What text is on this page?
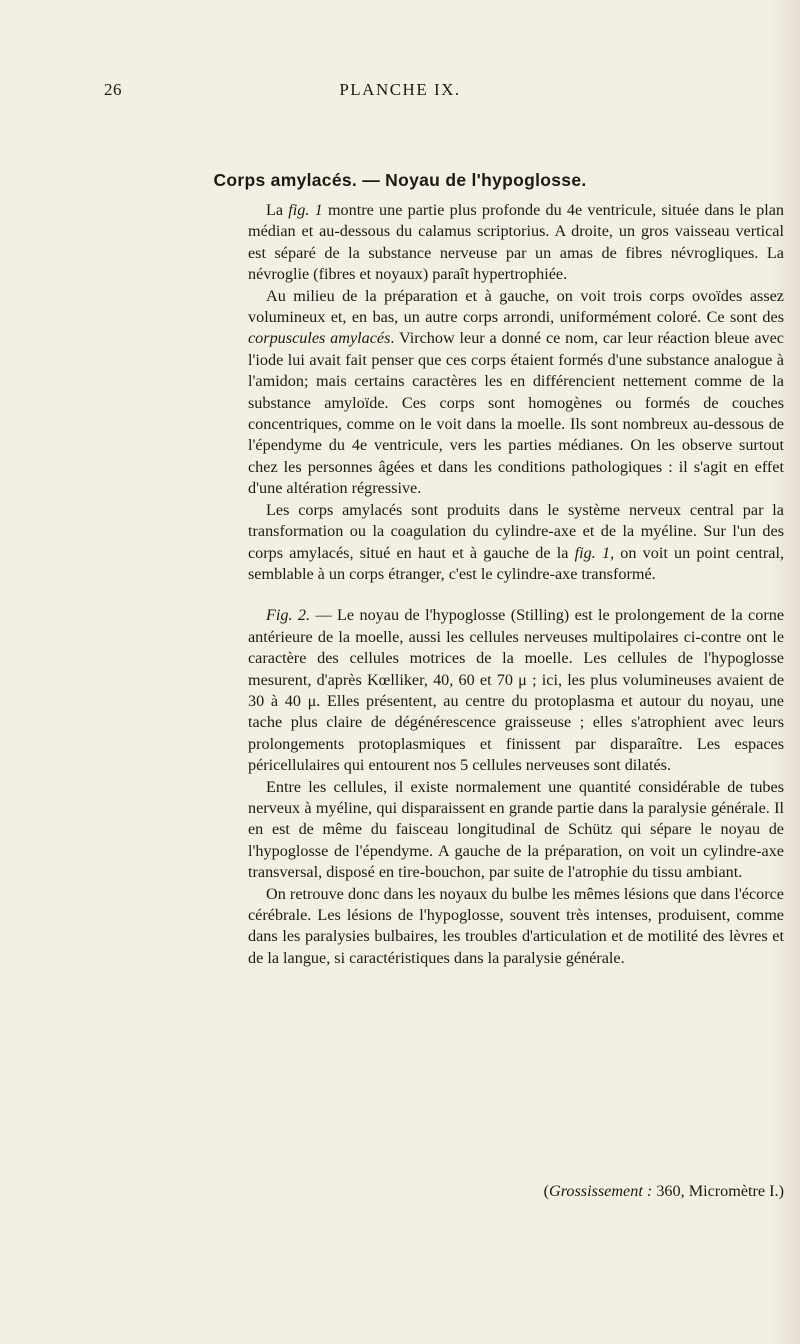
26	PLANCHE IX.
Corps amylacés. — Noyau de l'hypoglosse.

La fig. 1 montre une partie plus profonde du 4e ventricule, située dans le plan médian et au-dessous du calamus scriptorius. A droite, un gros vaisseau vertical est séparé de la substance nerveuse par un amas de fibres névrogliques. La névroglie (fibres et noyaux) paraît hypertrophiée.

Au milieu de la préparation et à gauche, on voit trois corps ovoïdes assez volumineux et, en bas, un autre corps arrondi, uniformément coloré. Ce sont des corpuscules amylacés. Virchow leur a donné ce nom, car leur réaction bleue avec l'iode lui avait fait penser que ces corps étaient formés d'une substance analogue à l'amidon; mais certains caractères les en différencient nettement comme de la substance amyloïde. Ces corps sont homogènes ou formés de couches concentriques, comme on le voit dans la moelle. Ils sont nombreux au-dessous de l'épendyme du 4e ventricule, vers les parties médianes. On les observe surtout chez les personnes âgées et dans les conditions pathologiques : il s'agit en effet d'une altération régressive.

Les corps amylacés sont produits dans le système nerveux central par la transformation ou la coagulation du cylindre-axe et de la myéline. Sur l'un des corps amylacés, situé en haut et à gauche de la fig. 1, on voit un point central, semblable à un corps étranger, c'est le cylindre-axe transformé.

Fig. 2. — Le noyau de l'hypoglosse (Stilling) est le prolongement de la corne antérieure de la moelle, aussi les cellules nerveuses multipolaires ci-contre ont le caractère des cellules motrices de la moelle. Les cellules de l'hypoglosse mesurent, d'après Kœlliker, 40, 60 et 70 μ ; ici, les plus volumineuses avaient de 30 à 40 μ. Elles présentent, au centre du protoplasma et autour du noyau, une tache plus claire de dégénérescence graisseuse ; elles s'atrophient avec leurs prolongements protoplasmiques et finissent par disparaître. Les espaces péricellulaires qui entourent nos 5 cellules nerveuses sont dilatés.

Entre les cellules, il existe normalement une quantité considérable de tubes nerveux à myéline, qui disparaissent en grande partie dans la paralysie générale. Il en est de même du faisceau longitudinal de Schütz qui sépare le noyau de l'hypoglosse de l'épendyme. A gauche de la préparation, on voit un cylindre-axe transversal, disposé en tire-bouchon, par suite de l'atrophie du tissu ambiant.

On retrouve donc dans les noyaux du bulbe les mêmes lésions que dans l'écorce cérébrale. Les lésions de l'hypoglosse, souvent très intenses, produisent, comme dans les paralysies bulbaires, les troubles d'articulation et de motilité des lèvres et de la langue, si caractéristiques dans la paralysie générale.

(Grossissement : 360, Micromètre I.)
